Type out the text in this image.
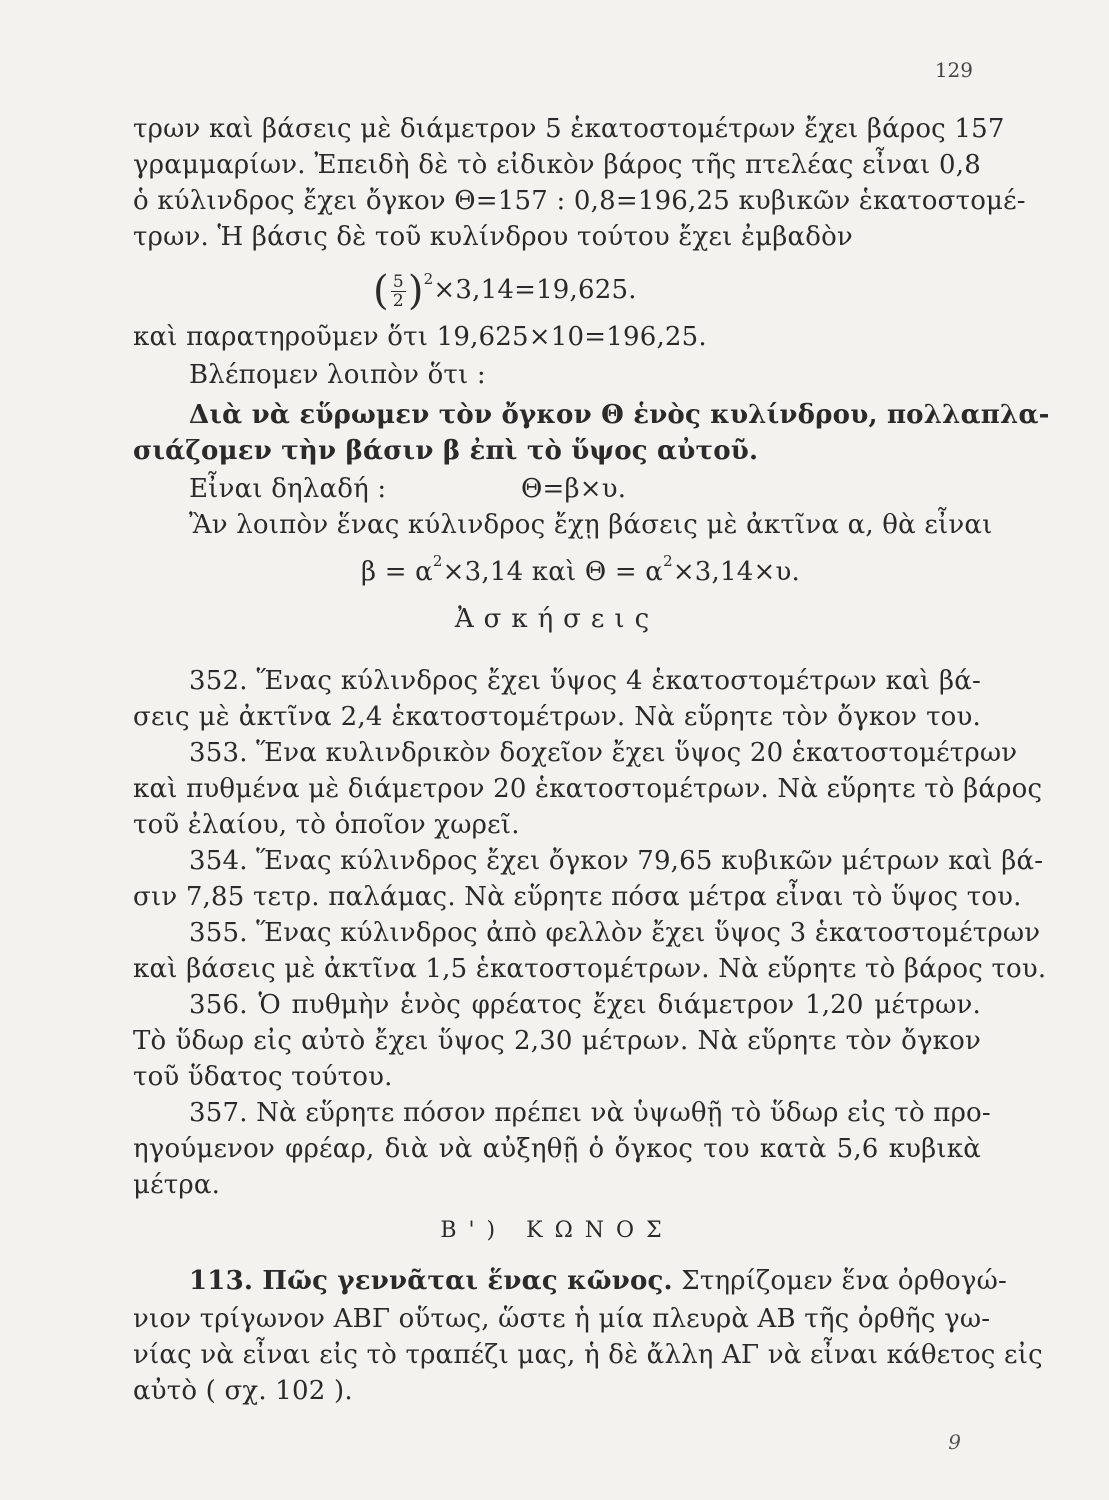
129
τρων καὶ βάσεις μὲ διάμετρον 5 ἑκατοστομέτρων ἔχει βάρος 157
γραμμαρίων. Ἐπειδὴ δὲ τὸ εἰδικὸν βάρος τῆς πτελέας εἶναι 0,8
ὁ κύλινδρος ἔχει ὄγκον Θ=157 : 0,8=196,25 κυβικῶν ἑκατοστομέ-
τρων. Ἡ βάσις δὲ τοῦ κυλίνδρου τούτου ἔχει ἐμβαδὸν
( $\frac{5}{2} )^2\times 3,14=19,625$.
καὶ παρατηροῦμεν ὅτι 19,625×10=196,25.
Βλέπομεν λοιπὸν ὅτι :
Διὰ νὰ εὕρωμεν τὸν ὄγκον Θ ἑνὸς κυλίνδρου, πολλαπλα-
σιάζομεν τὴν βάσιν β ἐπὶ τὸ ὕψος αὐτοῦ.
Εἶναι δηλαδή :	Θ=β×υ.
Ἂν λοιπὸν ἕνας κύλινδρος ἔχῃ βάσεις μὲ ἀκτῖνα α, θὰ εἶναι
$\beta = \alpha^2\times 3,14$ καὶ $\Theta = \alpha^2\times 3,14\times\upsilon$.
Ἀσκήσεις
352. Ἕνας κύλινδρος ἔχει ὕψος 4 ἑκατοστομέτρων καὶ βά-
σεις μὲ ἀκτῖνα 2,4 ἑκατοστομέτρων. Νὰ εὕρητε τὸν ὄγκον του.
353. Ἕνα κυλινδρικὸν δοχεῖον ἔχει ὕψος 20 ἑκατοστομέτρων
καὶ πυθμένα μὲ διάμετρον 20 ἑκατοστομέτρων. Νὰ εὕρητε τὸ βάρος
τοῦ ἐλαίου, τὸ ὁποῖον χωρεῖ.
354. Ἕνας κύλινδρος ἔχει ὄγκον 79,65 κυβικῶν μέτρων καὶ βά-
σιν 7,85 τετρ. παλάμας. Νὰ εὕρητε πόσα μέτρα εἶναι τὸ ὕψος του.
355. Ἕνας κύλινδρος ἀπὸ φελλὸν ἔχει ὕψος 3 ἑκατοστομέτρων
καὶ βάσεις μὲ ἀκτῖνα 1,5 ἑκατοστομέτρων. Νὰ εὕρητε τὸ βάρος του.
356. Ὁ πυθμὴν ἑνὸς φρέατος ἔχει διάμετρον 1,20 μέτρων.
Τὸ ὕδωρ εἰς αὐτὸ ἔχει ὕψος 2,30 μέτρων. Νὰ εὕρητε τὸν ὄγκον
τοῦ ὕδατος τούτου.
357. Νὰ εὕρητε πόσον πρέπει νὰ ὑψωθῇ τὸ ὕδωρ εἰς τὸ προ-
ηγούμενον φρέαρ, διὰ νὰ αὐξηθῇ ὁ ὄγκος του κατὰ 5,6 κυβικὰ
μέτρα.
Β') ΚΩΝΟΣ
113. Πῶς γεννᾶται ἕνας κῶνος. Στηρίζομεν ἕνα ὀρθογώ-
νιον τρίγωνον ΑΒΓ οὕτως, ὥστε ἡ μία πλευρὰ ΑΒ τῆς ὀρθῆς γω-
νίας νὰ εἶναι εἰς τὸ τραπέζι μας, ἡ δὲ ἄλλη ΑΓ νὰ εἶναι κάθετος εἰς
αὐτὸ ( σχ. 102 ).
9
